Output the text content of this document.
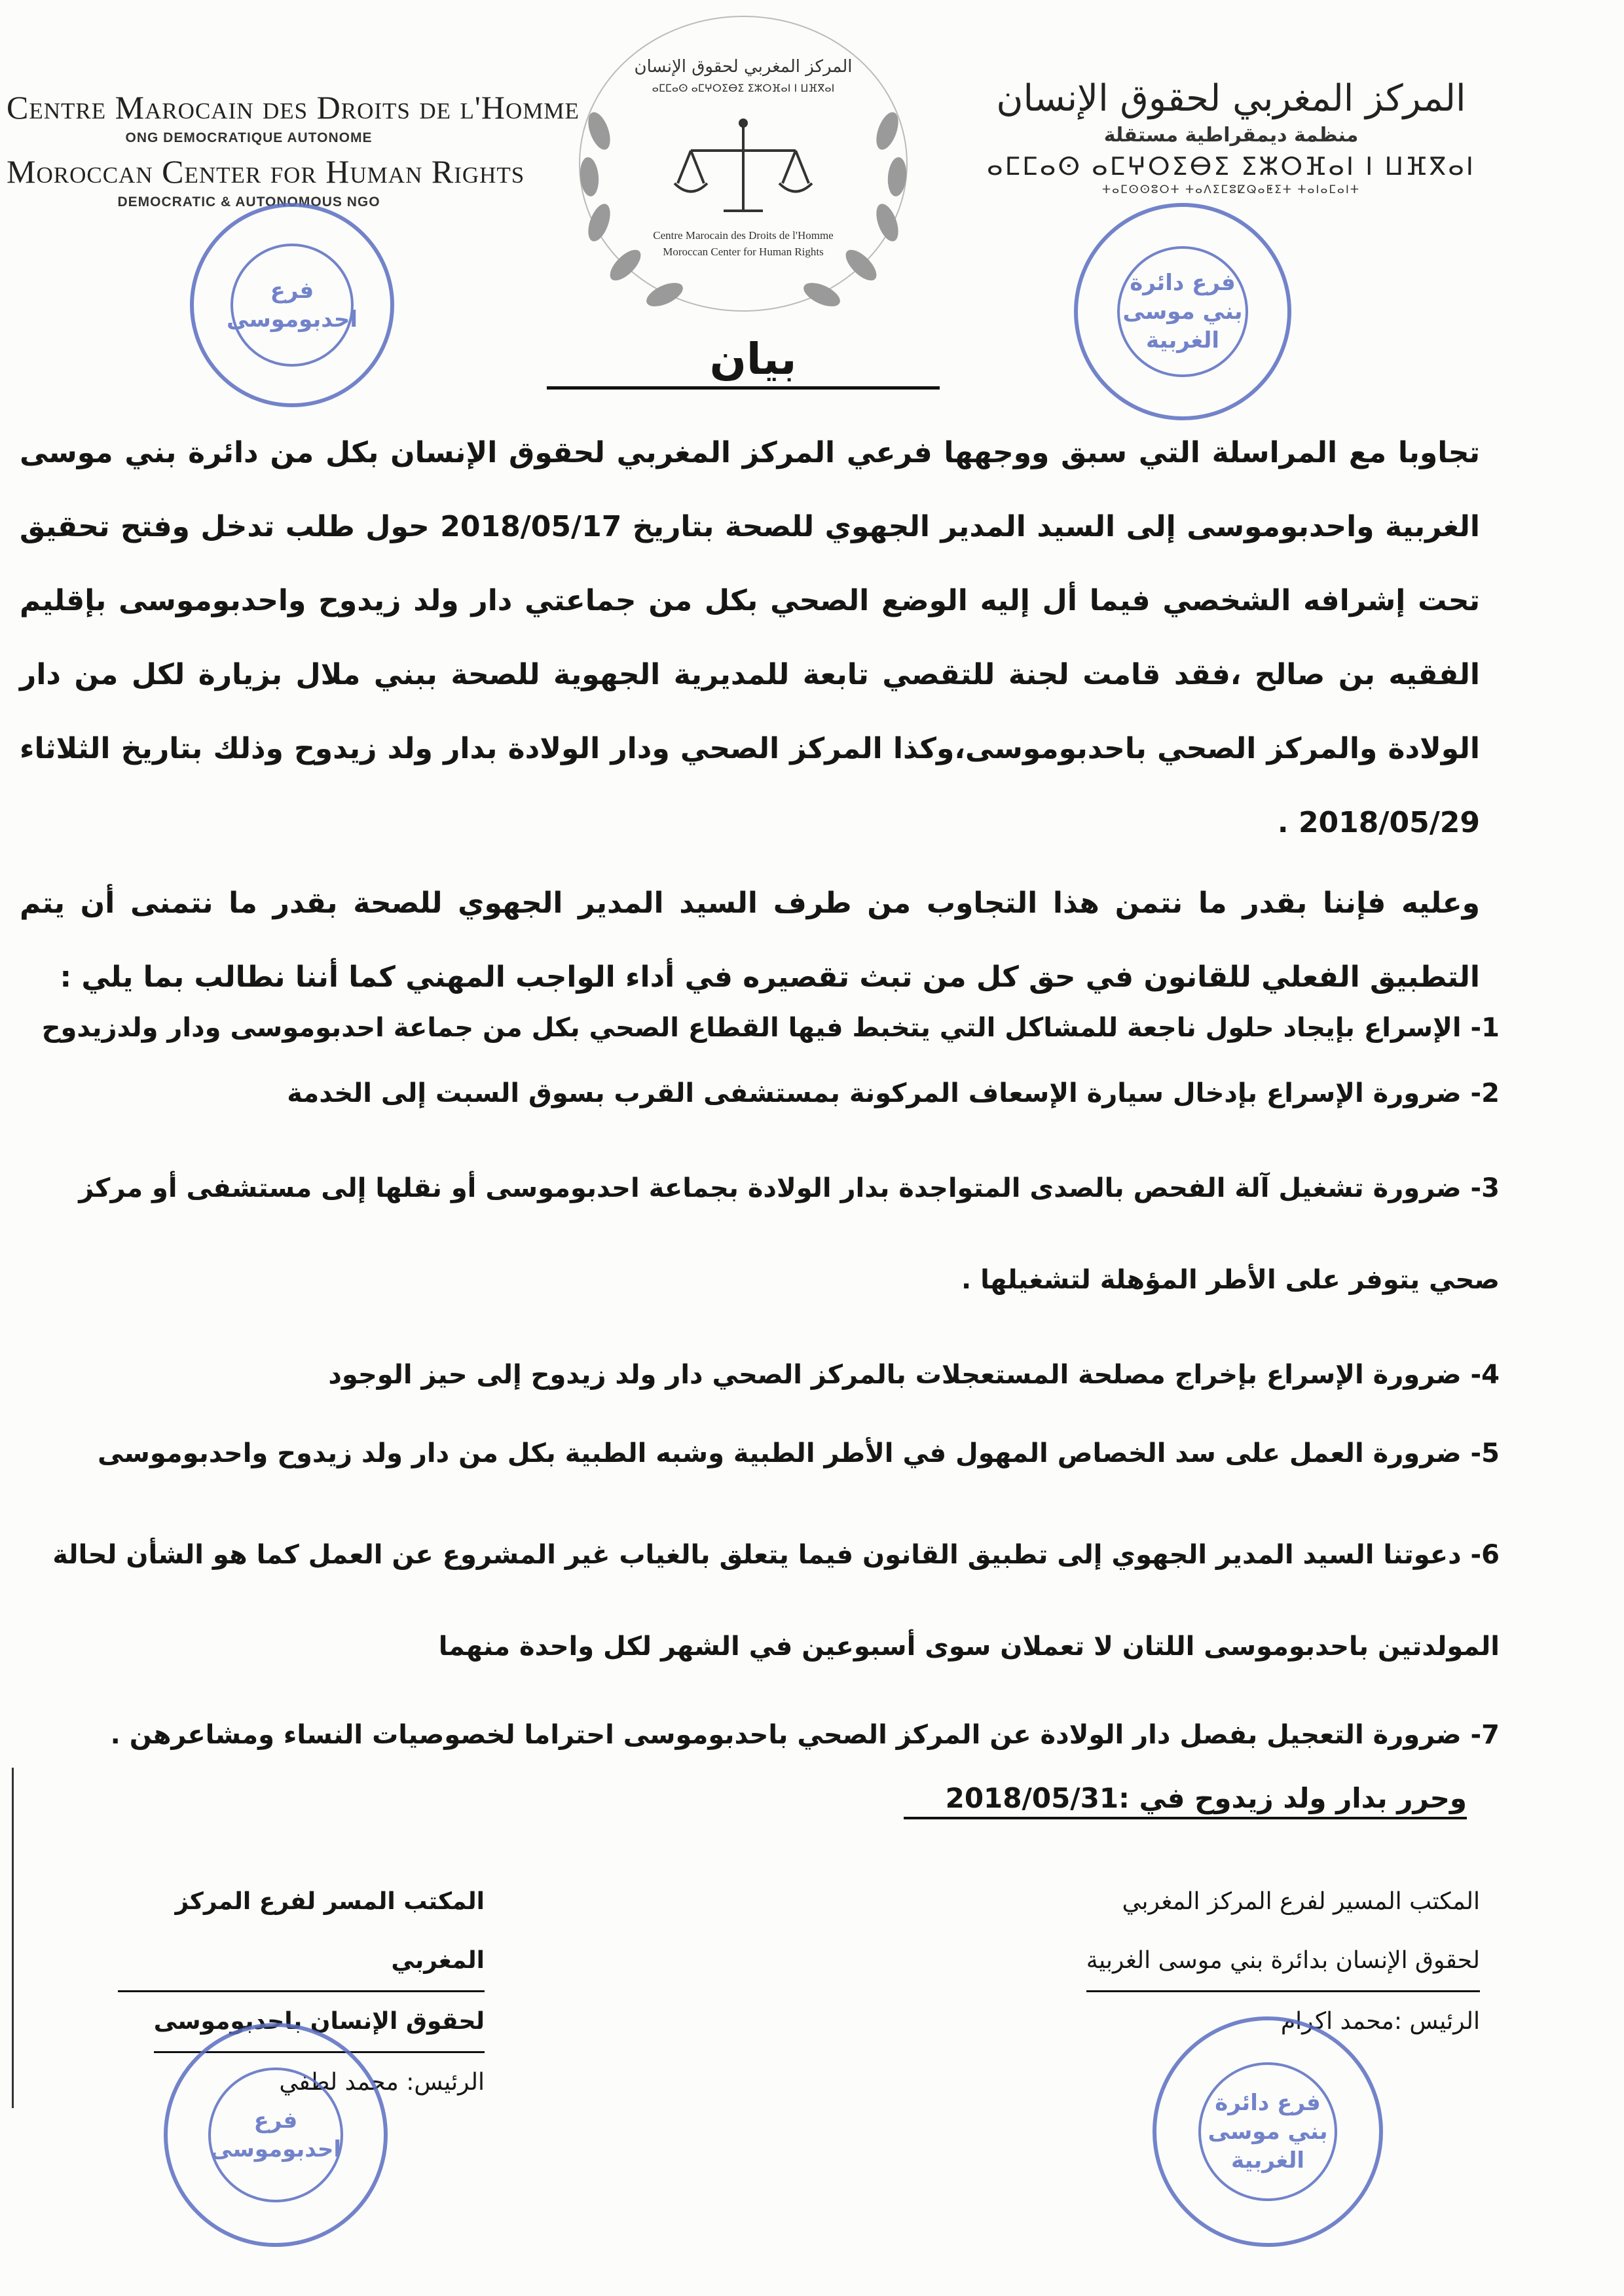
Centre Marocain des Droits de l'Homme
ONG DEMOCRATIQUE AUTONOME
Moroccan Center for Human Rights
DEMOCRATIC & AUTONOMOUS NGO
المركز المغربي لحقوق الإنسان
ⴰⵎⵎⴰⵙ ⴰⵎⵖⵔⵉⴱⵉ ⵉⵣⵔⴼⴰⵏ ⵏ ⵡⴼⴳⴰⵏ
Centre Marocain des Droits de l'Homme
Moroccan Center for Human Rights
المركز المغربي لحقوق الإنسان
منظمة ديمقراطية مستقلة
ⴰⵎⵎⴰⵙ ⴰⵎⵖⵔⵉⴱⵉ ⵉⵣⵔⴼⴰⵏ ⵏ ⵡⴼⴳⴰⵏ
ⵜⴰⵎⵙⵙⵓⵔⵜ ⵜⴰⴷⵉⵎⵓⵇⵕⴰⵟⵉⵜ ⵜⴰⵏⴰⵎⴰⵏⵜ
فرع احدبوموسى
فرع دائرة بني موسى الغربية
بيان

تجاوبا مع المراسلة التي سبق ووجهها فرعي المركز المغربي لحقوق الإنسان بكل من دائرة بني موسى الغربية واحدبوموسى إلى السيد المدير الجهوي للصحة بتاريخ 2018/05/17 حول طلب تدخل وفتح تحقيق تحت إشرافه الشخصي فيما أل إليه الوضع الصحي بكل من جماعتي دار ولد زيدوح واحدبوموسى بإقليم الفقيه بن صالح ،فقد قامت لجنة للتقصي تابعة للمديرية الجهوية للصحة ببني ملال بزيارة لكل من دار الولادة والمركز الصحي باحدبوموسى،وكذا المركز الصحي ودار الولادة بدار ولد زيدوح وذلك بتاريخ الثلاثاء 2018/05/29 .

وعليه فإننا بقدر ما نتمن هذا التجاوب من طرف السيد المدير الجهوي للصحة بقدر ما نتمنى أن يتم التطبيق الفعلي للقانون في حق كل من تبث تقصيره في أداء الواجب المهني كما أننا نطالب بما يلي :

1- الإسراع بإيجاد حلول ناجعة للمشاكل التي يتخبط فيها القطاع الصحي بكل من جماعة احدبوموسى ودار ولدزيدوح

2- ضرورة الإسراع بإدخال سيارة الإسعاف المركونة بمستشفى القرب بسوق السبت إلى الخدمة

3- ضرورة تشغيل آلة الفحص بالصدى المتواجدة بدار الولادة بجماعة احدبوموسى أو نقلها إلى مستشفى أو مركز صحي يتوفر على الأطر المؤهلة لتشغيلها .

4- ضرورة الإسراع بإخراج مصلحة المستعجلات بالمركز الصحي دار ولد زيدوح إلى حيز الوجود

5- ضرورة العمل على سد الخصاص المهول في الأطر الطبية وشبه الطبية بكل من دار ولد زيدوح واحدبوموسى

6- دعوتنا السيد المدير الجهوي إلى تطبيق القانون فيما يتعلق بالغياب غير المشروع عن العمل كما هو الشأن لحالة المولدتين باحدبوموسى اللتان لا تعملان سوى أسبوعين في الشهر لكل واحدة منهما

7- ضرورة التعجيل بفصل دار الولادة عن المركز الصحي باحدبوموسى احتراما لخصوصيات النساء ومشاعرهن .

وحرر بدار ولد زيدوح في :2018/05/31
المكتب المسير لفرع المركز المغربي
لحقوق الإنسان بدائرة بني موسى الغربية
الرئيس :محمد اكرام
المكتب المسر لفرع المركز المغربي
لحقوق الإنسان باحدبوموسى
الرئيس: محمد لطفي
فرع احدبوموسى
فرع دائرة بني موسى الغربية
